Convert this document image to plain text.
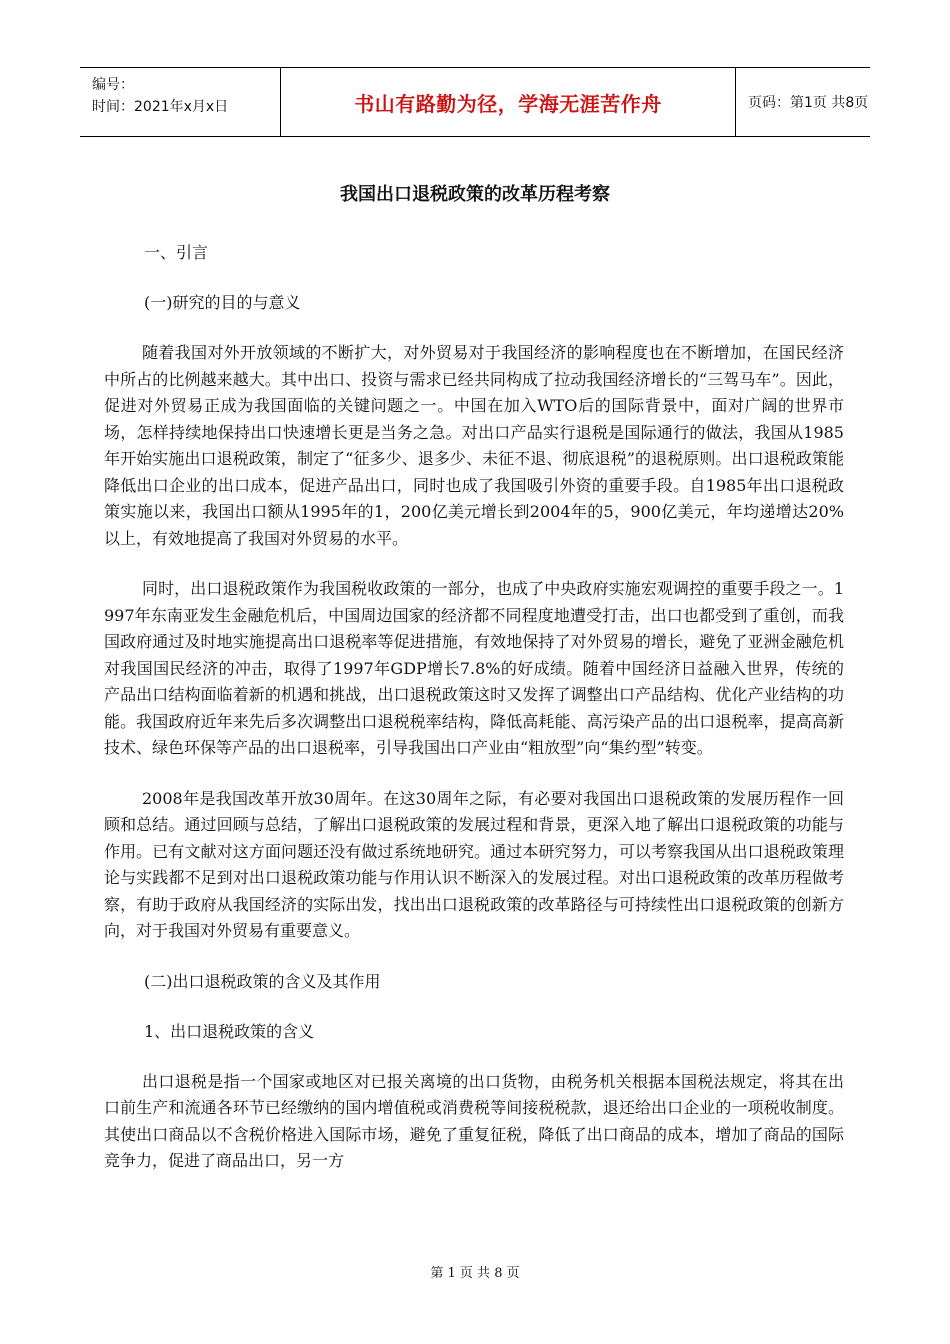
编号：
时间：2021年x月x日	书山有路勤为径，学海无涯苦作舟	页码：第1页 共8页
我国出口退税政策的改革历程考察
一、引言
(一)研究的目的与意义

随着我国对外开放领域的不断扩大，对外贸易对于我国经济的影响程度也在不断增加，在国民经济中所占的比例越来越大。其中出口、投资与需求已经共同构成了拉动我国经济增长的“三驾马车”。因此，促进对外贸易正成为我国面临的关键问题之一。中国在加入WTO后的国际背景中，面对广阔的世界市场，怎样持续地保持出口快速增长更是当务之急。对出口产品实行退税是国际通行的做法，我国从1985年开始实施出口退税政策，制定了“征多少、退多少、未征不退、彻底退税”的退税原则。出口退税政策能降低出口企业的出口成本，促进产品出口，同时也成了我国吸引外资的重要手段。自1985年出口退税政策实施以来，我国出口额从1995年的1，200亿美元增长到2004年的5，900亿美元，年均递增达20%以上，有效地提高了我国对外贸易的水平。

同时，出口退税政策作为我国税收政策的一部分，也成了中央政府实施宏观调控的重要手段之一。1997年东南亚发生金融危机后，中国周边国家的经济都不同程度地遭受打击，出口也都受到了重创，而我国政府通过及时地实施提高出口退税率等促进措施，有效地保持了对外贸易的增长，避免了亚洲金融危机对我国国民经济的冲击，取得了1997年GDP增长7.8%的好成绩。随着中国经济日益融入世界，传统的产品出口结构面临着新的机遇和挑战，出口退税政策这时又发挥了调整出口产品结构、优化产业结构的功能。我国政府近年来先后多次调整出口退税税率结构，降低高耗能、高污染产品的出口退税率，提高高新技术、绿色环保等产品的出口退税率，引导我国出口产业由“粗放型”向“集约型”转变。

2008年是我国改革开放30周年。在这30周年之际，有必要对我国出口退税政策的发展历程作一回顾和总结。通过回顾与总结，了解出口退税政策的发展过程和背景，更深入地了解出口退税政策的功能与作用。已有文献对这方面问题还没有做过系统地研究。通过本研究努力，可以考察我国从出口退税政策理论与实践都不足到对出口退税政策功能与作用认识不断深入的发展过程。对出口退税政策的改革历程做考察，有助于政府从我国经济的实际出发，找出出口退税政策的改革路径与可持续性出口退税政策的创新方向，对于我国对外贸易有重要意义。

(二)出口退税政策的含义及其作用
1、出口退税政策的含义

出口退税是指一个国家或地区对已报关离境的出口货物，由税务机关根据本国税法规定，将其在出口前生产和流通各环节已经缴纳的国内增值税或消费税等间接税税款，退还给出口企业的一项税收制度。其使出口商品以不含税价格进入国际市场，避免了重复征税，降低了出口商品的成本，增加了商品的国际竞争力，促进了商品出口，另一方

第 1 页 共 8 页
